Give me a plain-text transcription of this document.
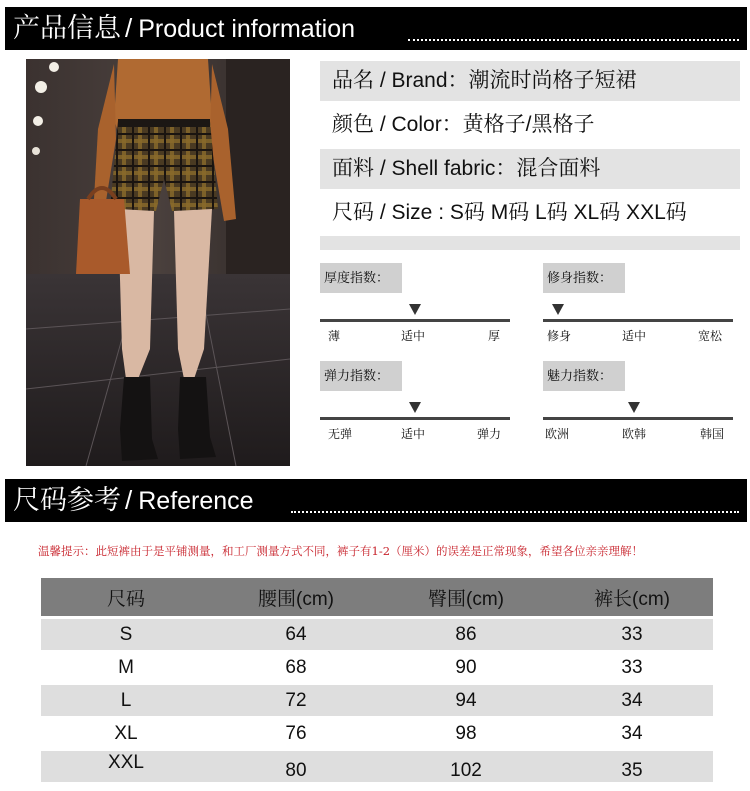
产品信息 / Product information
品名 / Brand：潮流时尚格子短裙
颜色 / Color：黄格子/黑格子
面料 / Shell fabric：混合面料
尺码 / Size : S码 M码 L码 XL码 XXL码
厚度指数：
薄	适中	厚
修身指数：
修身	适中	宽松
弹力指数：
无弹	适中	弹力
魅力指数：
欧洲	欧韩	韩国
尺码参考 / Reference
温馨提示：此短裤由于是平铺测量，和工厂测量方式不同，裤子有1-2（厘米）的误差是正常现象，希望各位亲亲理解！
尺码	腰围(cm)	臀围(cm)	裤长(cm)
S	64	86	33
M	68	90	33
L	72	94	34
XL	76	98	34
XXL	80	102	35
